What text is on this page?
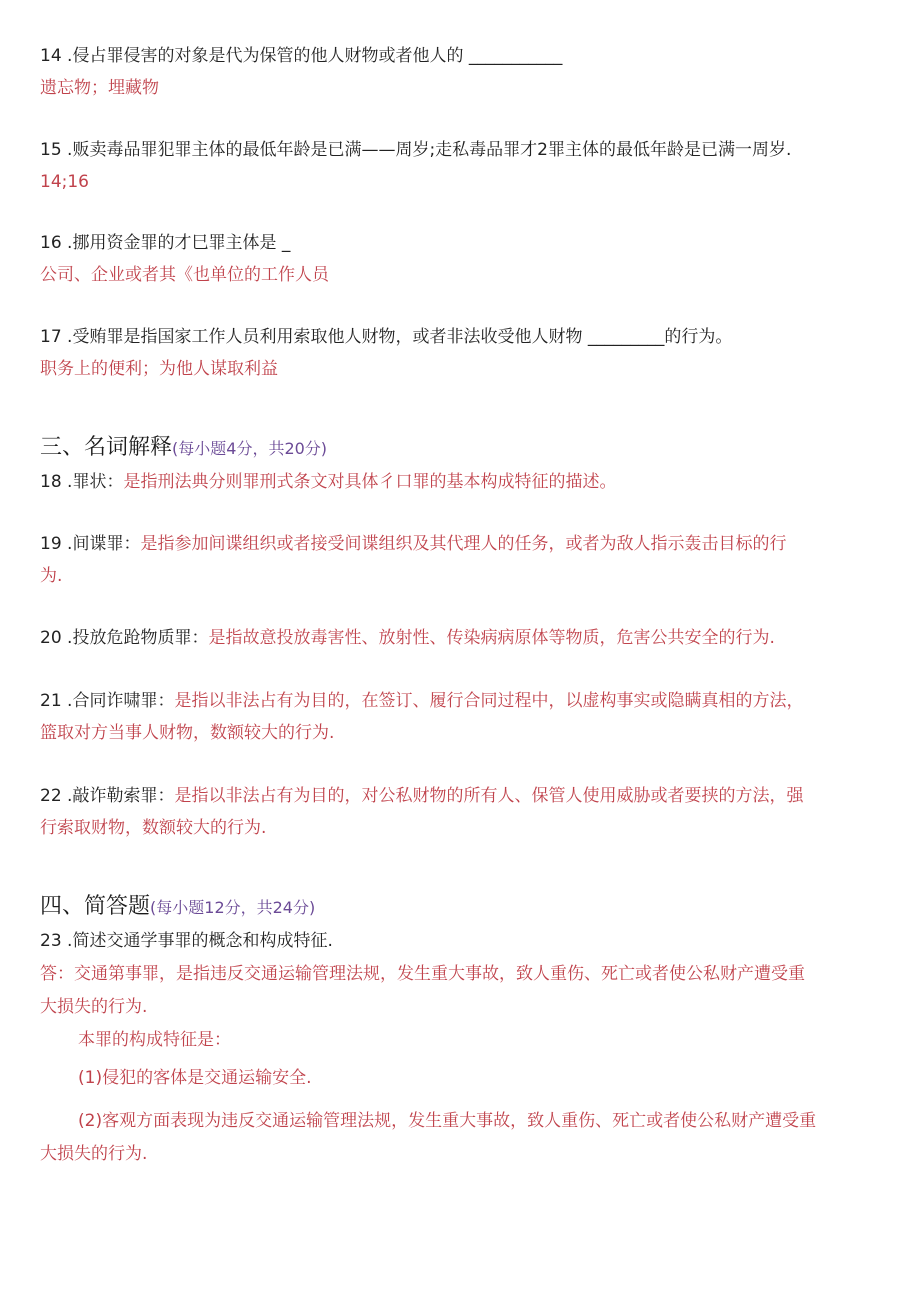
14 .侵占罪侵害的对象是代为保管的他人财物或者他人的 ___________
遗忘物；埋藏物
15 .贩卖毒品罪犯罪主体的最低年龄是已满——周岁;走私毒品罪才2罪主体的最低年龄是已满一周岁.
14;16
16 .挪用资金罪的才巳罪主体是 _
公司、企业或者其《也单位的工作人员
17 .受贿罪是指国家工作人员利用索取他人财物，或者非法收受他人财物 _________的行为。
职务上的便利；为他人谋取利益
三、名词解释(每小题4分，共20分)
18 .罪状：是指刑法典分则罪刑式条文对具体彳口罪的基本构成特征的描述。
19 .间谍罪：是指参加间谍组织或者接受间谍组织及其代理人的任务，或者为敌人指示轰击目标的行
为.
20 .投放危跄物质罪：是指故意投放毒害性、放射性、传染病病原体等物质，危害公共安全的行为.
21 .合同诈啸罪：是指以非法占有为目的，在签订、履行合同过程中，以虚构事实或隐瞒真相的方法，
篮取对方当事人财物，数额较大的行为.
22 .敲诈勒索罪：是指以非法占有为目的，对公私财物的所有人、保管人使用威胁或者要挟的方法，强
行索取财物，数额较大的行为.
四、简答题(每小题12分，共24分)
23 .简述交通学事罪的概念和构成特征.
答：交通第事罪，是指违反交通运输管理法规，发生重大事故，致人重伤、死亡或者使公私财产遭受重
大损失的行为.
本罪的构成特征是：
(1)侵犯的客体是交通运输安全.
(2)客观方面表现为违反交通运输管理法规，发生重大事故，致人重伤、死亡或者使公私财产遭受重
大损失的行为.
